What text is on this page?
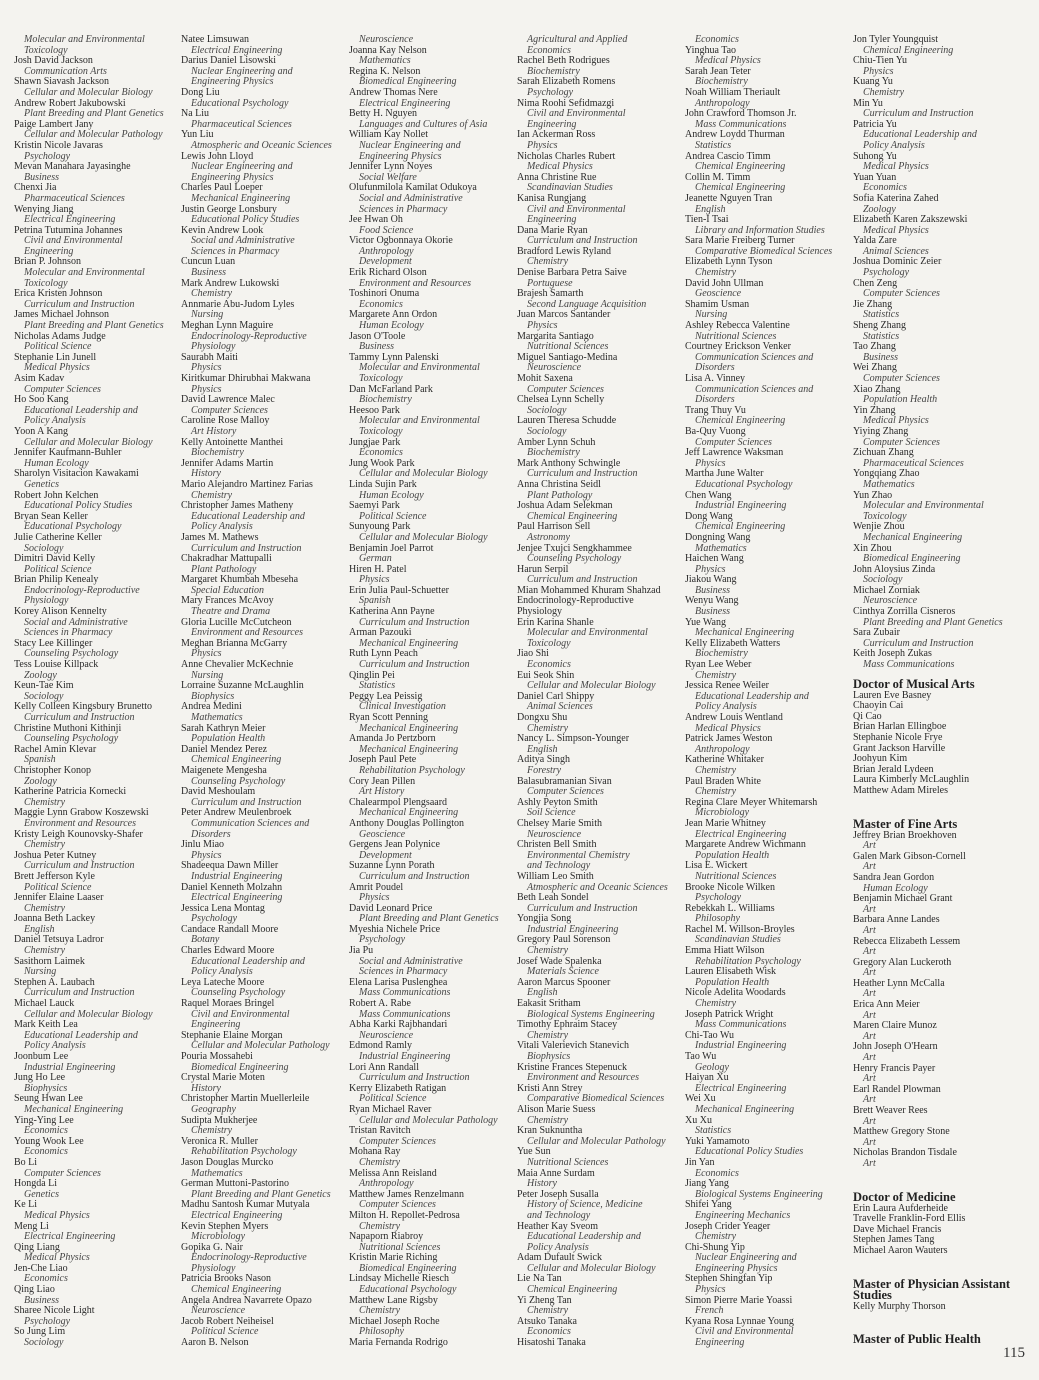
Molecular and Environmental
Toxicology
Josh David Jackson
Communication Arts
Shawn Siavash Jackson
Cellular and Molecular Biology
Andrew Robert Jakubowski
Plant Breeding and Plant Genetics
Paige Lambert Jany
Cellular and Molecular Pathology
Kristin Nicole Javaras
Psychology
Mevan Manahara Jayasinghe
Business
Chenxi Jia
Pharmaceutical Sciences
Wenying Jiang
Electrical Engineering
Petrina Tutumina Johannes
Civil and Environmental
Engineering
Brian P. Johnson
Molecular and Environmental
Toxicology
Erica Kristen Johnson
Curriculum and Instruction
James Michael Johnson
Plant Breeding and Plant Genetics
Nicholas Adams Judge
Political Science
Stephanie Lin Junell
Medical Physics
Asim Kadav
Computer Sciences
Ho Soo Kang
Educational Leadership and
Policy Analysis
Yoon A Kang
Cellular and Molecular Biology
Jennifer Kaufmann-Buhler
Human Ecology
Sharolyn Visitacion Kawakami
Genetics
Robert John Kelchen
Educational Policy Studies
Bryan Sean Keller
Educational Psychology
Julie Catherine Keller
Sociology
Dimitri David Kelly
Political Science
Brian Philip Kenealy
Endocrinology-Reproductive
Physiology
Korey Alison Kennelty
Social and Administrative
Sciences in Pharmacy
Stacy Lee Killinger
Counseling Psychology
Tess Louise Killpack
Zoology
Keun-Tae Kim
Sociology
Kelly Colleen Kingsbury Brunetto
Curriculum and Instruction
Christine Muthoni Kithinji
Counseling Psychology
Rachel Amin Klevar
Spanish
Christopher Konop
Zoology
Katherine Patricia Kornecki
Chemistry
Maggie Lynn Grabow Koszewski
Environment and Resources
Kristy Leigh Kounovsky-Shafer
Chemistry
Joshua Peter Kutney
Curriculum and Instruction
Brett Jefferson Kyle
Political Science
Jennifer Elaine Laaser
Chemistry
Joanna Beth Lackey
English
Daniel Tetsuya Ladror
Chemistry
Sasithorn Laimek
Nursing
Stephen A. Laubach
Curriculum and Instruction
Michael Lauck
Cellular and Molecular Biology
Mark Keith Lea
Educational Leadership and
Policy Analysis
Joonbum Lee
Industrial Engineering
Jung Ho Lee
Biophysics
Seung Hwan Lee
Mechanical Engineering
Ying-Ying Lee
Economics
Young Wook Lee
Economics
Bo Li
Computer Sciences
Hongda Li
Genetics
Ke Li
Medical Physics
Meng Li
Electrical Engineering
Qing Liang
Medical Physics
Jen-Che Liao
Economics
Qing Liao
Business
Sharee Nicole Light
Psychology
So Jung Lim
Sociology
Natee Limsuwan
Electrical Engineering
Darius Daniel Lisowski
Nuclear Engineering and
Engineering Physics
Dong Liu
Educational Psychology
Na Liu
Pharmaceutical Sciences
Yun Liu
Atmospheric and Oceanic Sciences
Lewis John Lloyd
Nuclear Engineering and
Engineering Physics
Charles Paul Loeper
Mechanical Engineering
Justin George Lonsbury
Educational Policy Studies
Kevin Andrew Look
Social and Administrative
Sciences in Pharmacy
Cuncun Luan
Business
Mark Andrew Lukowski
Chemistry
Annmarie Abu-Judom Lyles
Nursing
Meghan Lynn Maguire
Endocrinology-Reproductive
Physiology
Saurabh Maiti
Physics
Kiritkumar Dhirubhai Makwana
Physics
David Lawrence Malec
Computer Sciences
Caroline Rose Malloy
Art History
Kelly Antoinette Manthei
Biochemistry
Jennifer Adams Martin
History
Mario Alejandro Martinez Farias
Chemistry
Christopher James Matheny
Educational Leadership and
Policy Analysis
James M. Mathews
Curriculum and Instruction
Chakradhar Mattupalli
Plant Pathology
Margaret Khumbah Mbeseha
Special Education
Mary Frances McAvoy
Theatre and Drama
Gloria Lucille McCutcheon
Environment and Resources
Meghan Brianna McGarry
Physics
Anne Chevalier McKechnie
Nursing
Lorraine Suzanne McLaughlin
Biophysics
Andrea Medini
Mathematics
Sarah Kathryn Meier
Population Health
Daniel Mendez Perez
Chemical Engineering
Maigenete Mengesha
Counseling Psychology
David Meshoulam
Curriculum and Instruction
Peter Andrew Meulenbroek
Communication Sciences and
Disorders
Jinlu Miao
Physics
Shadeequa Dawn Miller
Industrial Engineering
Daniel Kenneth Molzahn
Electrical Engineering
Jessica Lena Montag
Psychology
Candace Randall Moore
Botany
Charles Edward Moore
Educational Leadership and
Policy Analysis
Leya Lateche Moore
Counseling Psychology
Raquel Moraes Bringel
Civil and Environmental
Engineering
Stephanie Elaine Morgan
Cellular and Molecular Pathology
Pouria Mossahebi
Biomedical Engineering
Crystal Marie Moten
History
Christopher Martin Muellerleile
Geography
Sudipta Mukherjee
Chemistry
Veronica R. Muller
Rehabilitation Psychology
Jason Douglas Murcko
Mathematics
German Muttoni-Pastorino
Plant Breeding and Plant Genetics
Madhu Santosh Kumar Mutyala
Electrical Engineering
Kevin Stephen Myers
Microbiology
Gopika G. Nair
Endocrinology-Reproductive
Physiology
Patricia Brooks Nason
Chemical Engineering
Angela Andrea Navarrete Opazo
Neuroscience
Jacob Robert Neiheisel
Political Science
Aaron B. Nelson
Neuroscience
Joanna Kay Nelson
Mathematics
Regina K. Nelson
Biomedical Engineering
Andrew Thomas Nere
Electrical Engineering
Betty H. Nguyen
Languages and Cultures of Asia
William Kay Nollet
Nuclear Engineering and
Engineering Physics
Jennifer Lynn Noyes
Social Welfare
Olufunmilola Kamilat Odukoya
Social and Administrative
Sciences in Pharmacy
Jee Hwan Oh
Food Science
Victor Ogbonnaya Okorie
Anthropology
Development
Erik Richard Olson
Environment and Resources
Toshinori Onuma
Economics
Margarete Ann Ordon
Human Ecology
Jason O'Toole
Business
Tammy Lynn Palenski
Molecular and Environmental
Toxicology
Dan McFarland Park
Biochemistry
Heesoo Park
Molecular and Environmental
Toxicology
Jungjae Park
Economics
Jung Wook Park
Cellular and Molecular Biology
Linda Sujin Park
Human Ecology
Saemyi Park
Political Science
Sunyoung Park
Cellular and Molecular Biology
Benjamin Joel Parrot
German
Hiren H. Patel
Physics
Erin Julia Paul-Schuetter
Spanish
Katherina Ann Payne
Curriculum and Instruction
Arman Pazouki
Mechanical Engineering
Ruth Lynn Peach
Curriculum and Instruction
Qinglin Pei
Statistics
Peggy Lea Peissig
Clinical Investigation
Ryan Scott Penning
Mechanical Engineering
Amanda Jo Pertzborn
Mechanical Engineering
Joseph Paul Pete
Rehabilitation Psychology
Cory Jean Pillen
Art History
Chalearmpol Plengsaard
Mechanical Engineering
Anthony Douglas Pollington
Geoscience
Gergens Jean Polynice
Development
Suzanne Lynn Porath
Curriculum and Instruction
Amrit Poudel
Physics
David Leonard Price
Plant Breeding and Plant Genetics
Myeshia Nichele Price
Psychology
Jia Pu
Social and Administrative
Sciences in Pharmacy
Elena Larisa Puslenghea
Mass Communications
Robert A. Rabe
Mass Communications
Abha Karki Rajbhandari
Neuroscience
Edmond Ramly
Industrial Engineering
Lori Ann Randall
Curriculum and Instruction
Kerry Elizabeth Ratigan
Political Science
Ryan Michael Raver
Cellular and Molecular Pathology
Tristan Ravitch
Computer Sciences
Mohana Ray
Chemistry
Melissa Ann Reisland
Anthropology
Matthew James Renzelmann
Computer Sciences
Milton H. Repollet-Pedrosa
Chemistry
Napaporn Riabroy
Nutritional Sciences
Kristin Marie Riching
Biomedical Engineering
Lindsay Michelle Riesch
Educational Psychology
Matthew Lane Rigsby
Chemistry
Michael Joseph Roche
Philosophy
Maria Fernanda Rodrigo
Agricultural and Applied
Economics
Rachel Beth Rodrigues
Biochemistry
Sarah Elizabeth Romens
Psychology
Nima Roohi Sefidmazgi
Civil and Environmental
Engineering
Ian Ackerman Ross
Physics
Nicholas Charles Rubert
Medical Physics
Anna Christine Rue
Scandinavian Studies
Kanisa Rungjang
Civil and Environmental
Engineering
Dana Marie Ryan
Curriculum and Instruction
Bradford Lewis Ryland
Chemistry
Denise Barbara Petra Saive
Portuguese
Brajesh Samarth
Second Language Acquisition
Juan Marcos Santander
Physics
Margarita Santiago
Nutritional Sciences
Miguel Santiago-Medina
Neuroscience
Mohit Saxena
Computer Sciences
Chelsea Lynn Schelly
Sociology
Lauren Theresa Schudde
Sociology
Amber Lynn Schuh
Biochemistry
Mark Anthony Schwingle
Curriculum and Instruction
Anna Christina Seidl
Plant Pathology
Joshua Adam Selekman
Chemical Engineering
Paul Harrison Sell
Astronomy
Jenjee Txujci Sengkhammee
Counseling Psychology
Harun Serpil
Curriculum and Instruction
Mian Mohammed Khuram Shahzad
Endocrinology-Reproductive
Physiology
Erin Karina Shanle
Molecular and Environmental
Toxicology
Jiao Shi
Economics
Eui Seok Shin
Cellular and Molecular Biology
Daniel Carl Shippy
Animal Sciences
Dongxu Shu
Chemistry
Nancy L. Simpson-Younger
English
Aditya Singh
Forestry
Balasubramanian Sivan
Computer Sciences
Ashly Peyton Smith
Soil Science
Chelsey Marie Smith
Neuroscience
Christen Bell Smith
Environmental Chemistry
and Technology
William Leo Smith
Atmospheric and Oceanic Sciences
Beth Leah Sondel
Curriculum and Instruction
Yongjia Song
Industrial Engineering
Gregory Paul Sorenson
Chemistry
Josef Wade Spalenka
Materials Science
Aaron Marcus Spooner
English
Eakasit Sritham
Biological Systems Engineering
Timothy Ephraim Stacey
Chemistry
Vitali Valerievich Stanevich
Biophysics
Kristine Frances Stepenuck
Environment and Resources
Kristi Ann Strey
Comparative Biomedical Sciences
Alison Marie Suess
Chemistry
Kran Suknuntha
Cellular and Molecular Pathology
Yue Sun
Nutritional Sciences
Maia Anne Surdam
History
Peter Joseph Susalla
History of Science, Medicine
and Technology
Heather Kay Sveom
Educational Leadership and
Policy Analysis
Adam Dufault Swick
Cellular and Molecular Biology
Lie Na Tan
Chemical Engineering
Yi Zheng Tan
Chemistry
Atsuko Tanaka
Economics
Hisatoshi Tanaka
Economics
Yinghua Tao
Medical Physics
Sarah Jean Teter
Biochemistry
Noah William Theriault
Anthropology
John Crawford Thomson Jr.
Mass Communications
Andrew Loydd Thurman
Statistics
Andrea Cascio Timm
Chemical Engineering
Collin M. Timm
Chemical Engineering
Jeanette Nguyen Tran
English
Tien-I Tsai
Library and Information Studies
Sara Marie Freiberg Turner
Comparative Biomedical Sciences
Elizabeth Lynn Tyson
Chemistry
David John Ullman
Geoscience
Shamim Usman
Nursing
Ashley Rebecca Valentine
Nutritional Sciences
Courtney Erickson Venker
Communication Sciences and
Disorders
Lisa A. Vinney
Communication Sciences and
Disorders
Trang Thuy Vu
Chemical Engineering
Ba-Quy Vuong
Computer Sciences
Jeff Lawrence Waksman
Physics
Martha June Walter
Educational Psychology
Chen Wang
Industrial Engineering
Dong Wang
Chemical Engineering
Dongning Wang
Mathematics
Haichen Wang
Physics
Jiakou Wang
Business
Wenyu Wang
Business
Yue Wang
Mechanical Engineering
Kelly Elizabeth Watters
Biochemistry
Ryan Lee Weber
Chemistry
Jessica Renee Weiler
Educational Leadership and
Policy Analysis
Andrew Louis Wentland
Medical Physics
Patrick James Weston
Anthropology
Katherine Whitaker
Chemistry
Paul Braden White
Chemistry
Regina Clare Meyer Whitemarsh
Microbiology
Jean Marie Whitney
Electrical Engineering
Margarete Andrew Wichmann
Population Health
Lisa E. Wickert
Nutritional Sciences
Brooke Nicole Wilken
Psychology
Rebekkah L. Williams
Philosophy
Rachel M. Willson-Broyles
Scandinavian Studies
Emma Hiatt Wilson
Rehabilitation Psychology
Lauren Elisabeth Wisk
Population Health
Nicole Adelita Woodards
Chemistry
Joseph Patrick Wright
Mass Communications
Chi-Tao Wu
Industrial Engineering
Tao Wu
Geology
Haiyan Xu
Electrical Engineering
Wei Xu
Mechanical Engineering
Xu Xu
Statistics
Yuki Yamamoto
Educational Policy Studies
Jin Yan
Economics
Jiang Yang
Biological Systems Engineering
Shifei Yang
Engineering Mechanics
Joseph Crider Yeager
Chemistry
Chi-Shung Yip
Nuclear Engineering and
Engineering Physics
Stephen Shingfan Yip
Physics
Simon Pierre Marie Yoassi
French
Kyana Rosa Lynnae Young
Civil and Environmental
Engineering
Jon Tyler Youngquist
Chemical Engineering
Chiu-Tien Yu
Physics
Kuang Yu
Chemistry
Min Yu
Curriculum and Instruction
Patricia Yu
Educational Leadership and
Policy Analysis
Suhong Yu
Medical Physics
Yuan Yuan
Economics
Sofia Katerina Zahed
Zoology
Elizabeth Karen Zakszewski
Medical Physics
Yalda Zare
Animal Sciences
Joshua Dominic Zeier
Psychology
Chen Zeng
Computer Sciences
Jie Zhang
Statistics
Sheng Zhang
Statistics
Tao Zhang
Business
Wei Zhang
Computer Sciences
Xiao Zhang
Population Health
Yin Zhang
Medical Physics
Yiying Zhang
Computer Sciences
Zichuan Zhang
Pharmaceutical Sciences
Yongqiang Zhao
Mathematics
Yun Zhao
Molecular and Environmental
Toxicology
Wenjie Zhou
Mechanical Engineering
Xin Zhou
Biomedical Engineering
John Aloysius Zinda
Sociology
Michael Zorniak
Neuroscience
Cinthya Zorrilla Cisneros
Plant Breeding and Plant Genetics
Sara Zubair
Curriculum and Instruction
Keith Joseph Zukas
Mass Communications
Doctor of Musical Arts
Lauren Eve Basney
Chaoyin Cai
Qi Cao
Brian Harlan Ellingboe
Stephanie Nicole Frye
Grant Jackson Harville
Joohyun Kim
Brian Jerald Lydeen
Laura Kimberly McLaughlin
Matthew Adam Mireles
Master of Fine Arts
Jeffrey Brian Broekhoven
Art
Galen Mark Gibson-Cornell
Art
Sandra Jean Gordon
Human Ecology
Benjamin Michael Grant
Art
Barbara Anne Landes
Art
Rebecca Elizabeth Lessem
Art
Gregory Alan Luckeroth
Art
Heather Lynn McCalla
Art
Erica Ann Meier
Art
Maren Claire Munoz
Art
John Joseph O'Hearn
Art
Henry Francis Payer
Art
Earl Randel Plowman
Art
Brett Weaver Rees
Art
Matthew Gregory Stone
Art
Nicholas Brandon Tisdale
Art
Doctor of Medicine
Erin Laura Aufderheide
Travelle Franklin-Ford Ellis
Dave Michael Francis
Stephen James Tang
Michael Aaron Wauters
Master of Physician Assistant Studies
Kelly Murphy Thorson
Master of Public Health
115
